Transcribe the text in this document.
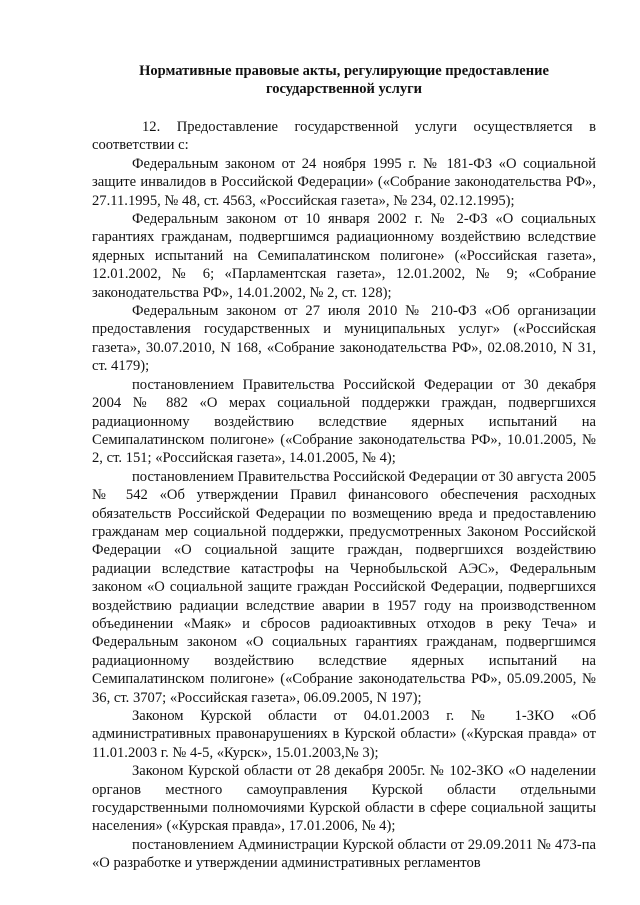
Нормативные правовые акты, регулирующие предоставление
государственной услуги

12. Предоставление государственной услуги осуществляется в соответствии с:

Федеральным законом от 24 ноября 1995 г. № 181-ФЗ «О социальной защите инвалидов в Российской Федерации» («Собрание законодательства РФ», 27.11.1995, № 48, ст. 4563, «Российская газета», № 234, 02.12.1995);

Федеральным законом от 10 января 2002 г. № 2-ФЗ «О социальных гарантиях гражданам, подвергшимся радиационному воздействию вследствие ядерных испытаний на Семипалатинском полигоне» («Российская газета», 12.01.2002, № 6; «Парламентская газета», 12.01.2002, № 9; «Собрание законодательства РФ», 14.01.2002, № 2, ст. 128);

Федеральным законом от 27 июля 2010 № 210-ФЗ «Об организации предоставления государственных и муниципальных услуг» («Российская газета», 30.07.2010, N 168, «Собрание законодательства РФ», 02.08.2010, N 31, ст. 4179);

постановлением Правительства Российской Федерации от 30 декабря 2004 № 882 «О мерах социальной поддержки граждан, подвергшихся радиационному воздействию вследствие ядерных испытаний на Семипалатинском полигоне» («Собрание законодательства РФ», 10.01.2005, № 2, ст. 151; «Российская газета», 14.01.2005, № 4);

постановлением Правительства Российской Федерации от 30 августа 2005 № 542 «Об утверждении Правил финансового обеспечения расходных обязательств Российской Федерации по возмещению вреда и предоставлению гражданам мер социальной поддержки, предусмотренных Законом Российской Федерации «О социальной защите граждан, подвергшихся воздействию радиации вследствие катастрофы на Чернобыльской АЭС», Федеральным законом «О социальной защите граждан Российской Федерации, подвергшихся воздействию радиации вследствие аварии в 1957 году на производственном объединении «Маяк» и сбросов радиоактивных отходов в реку Теча» и Федеральным законом «О социальных гарантиях гражданам, подвергшимся радиационному воздействию вследствие ядерных испытаний на Семипалатинском полигоне» («Собрание законодательства РФ», 05.09.2005, № 36, ст. 3707; «Российская газета», 06.09.2005, N 197);

Законом Курской области от 04.01.2003 г. № 1-ЗКО «Об административных правонарушениях в Курской области» («Курская правда» от 11.01.2003 г. № 4-5, «Курск», 15.01.2003,№ 3);

Законом Курской области от 28 декабря 2005г. № 102-ЗКО «О наделении органов местного самоуправления Курской области отдельными государственными полномочиями Курской области в сфере социальной защиты населения» («Курская правда», 17.01.2006, № 4);

постановлением Администрации Курской области от 29.09.2011 № 473-па «О разработке и утверждении административных регламентов
